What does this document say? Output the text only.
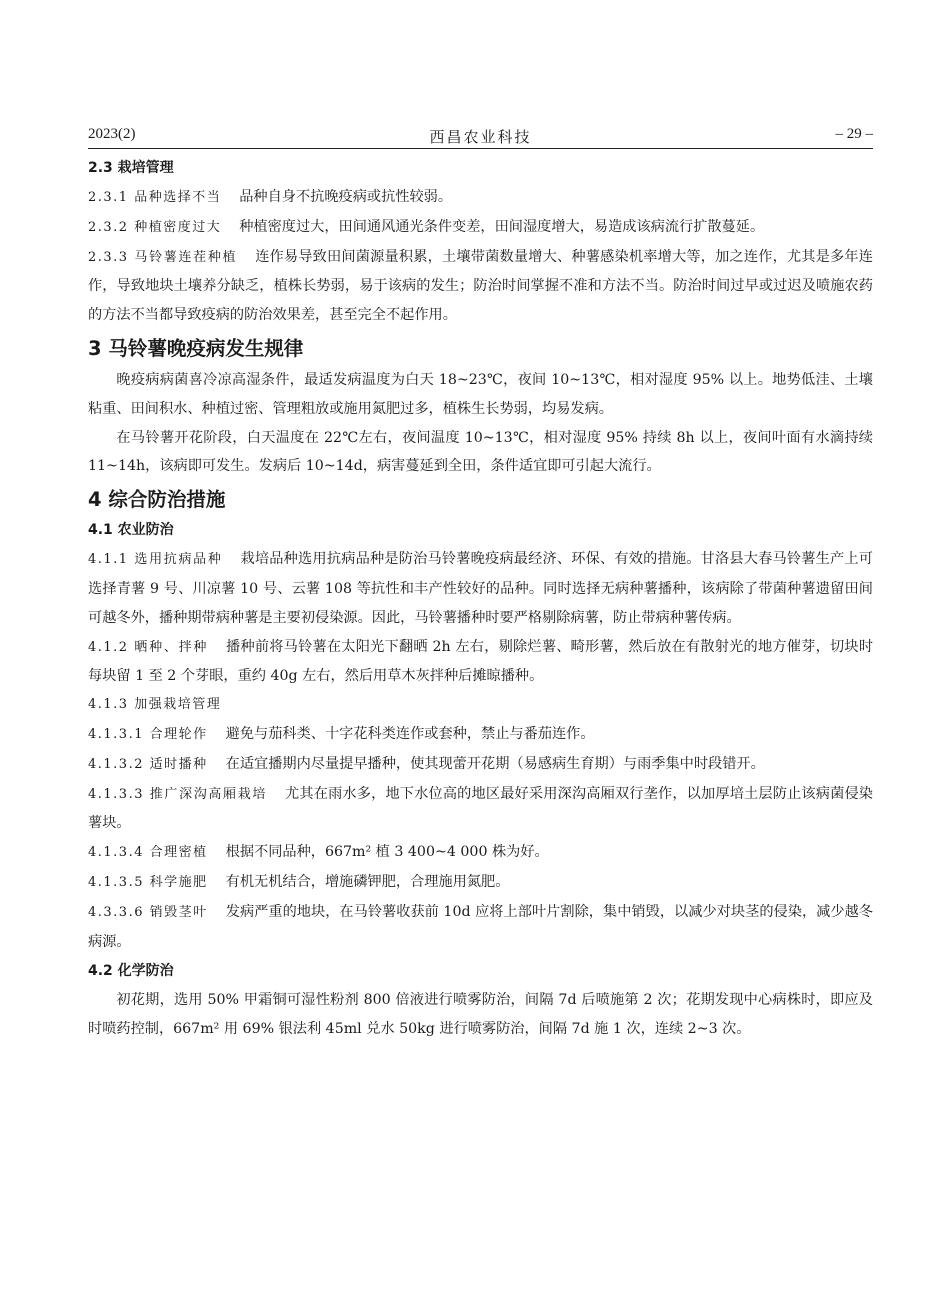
2023(2)	西昌农业科技	– 29 –
2.3 栽培管理

2.3.1 品种选择不当 品种自身不抗晚疫病或抗性较弱。

2.3.2 种植密度过大 种植密度过大，田间通风通光条件变差，田间湿度增大，易造成该病流行扩散蔓延。

2.3.3 马铃薯连茬种植 连作易导致田间菌源量积累，土壤带菌数量增大、种薯感染机率增大等，加之连作，尤其是多年连作，导致地块土壤养分缺乏，植株长势弱，易于该病的发生；防治时间掌握不准和方法不当。防治时间过早或过迟及喷施农药的方法不当都导致疫病的防治效果差，甚至完全不起作用。

3 马铃薯晚疫病发生规律

晚疫病病菌喜冷凉高湿条件，最适发病温度为白天 18~23℃，夜间 10~13℃，相对湿度 95% 以上。地势低洼、土壤粘重、田间积水、种植过密、管理粗放或施用氮肥过多，植株生长势弱，均易发病。

在马铃薯开花阶段，白天温度在 22℃左右，夜间温度 10~13℃，相对湿度 95% 持续 8h 以上，夜间叶面有水滴持续 11~14h，该病即可发生。发病后 10~14d，病害蔓延到全田，条件适宜即可引起大流行。

4 综合防治措施
4.1 农业防治

4.1.1 选用抗病品种 栽培品种选用抗病品种是防治马铃薯晚疫病最经济、环保、有效的措施。甘洛县大春马铃薯生产上可选择青薯 9 号、川凉薯 10 号、云薯 108 等抗性和丰产性较好的品种。同时选择无病种薯播种，该病除了带菌种薯遗留田间可越冬外，播种期带病种薯是主要初侵染源。因此，马铃薯播种时要严格剔除病薯，防止带病种薯传病。

4.1.2 晒种、拌种 播种前将马铃薯在太阳光下翻晒 2h 左右，剔除烂薯、畸形薯，然后放在有散射光的地方催芽，切块时每块留 1 至 2 个芽眼，重约 40g 左右，然后用草木灰拌种后摊晾播种。

4.1.3 加强栽培管理

4.1.3.1 合理轮作 避免与茄科类、十字花科类连作或套种，禁止与番茄连作。

4.1.3.2 适时播种 在适宜播期内尽量提早播种，使其现蕾开花期（易感病生育期）与雨季集中时段错开。

4.1.3.3 推广深沟高厢栽培 尤其在雨水多，地下水位高的地区最好采用深沟高厢双行垄作，以加厚培土层防止该病菌侵染薯块。

4.1.3.4 合理密植 根据不同品种，667m² 植 3 400~4 000 株为好。

4.1.3.5 科学施肥 有机无机结合，增施磷钾肥，合理施用氮肥。

4.3.3.6 销毁茎叶 发病严重的地块，在马铃薯收获前 10d 应将上部叶片割除，集中销毁，以减少对块茎的侵染，减少越冬病源。

4.2 化学防治

初花期，选用 50% 甲霜铜可湿性粉剂 800 倍液进行喷雾防治，间隔 7d 后喷施第 2 次；花期发现中心病株时，即应及时喷药控制，667m² 用 69% 银法利 45ml 兑水 50kg 进行喷雾防治，间隔 7d 施 1 次，连续 2~3 次。
